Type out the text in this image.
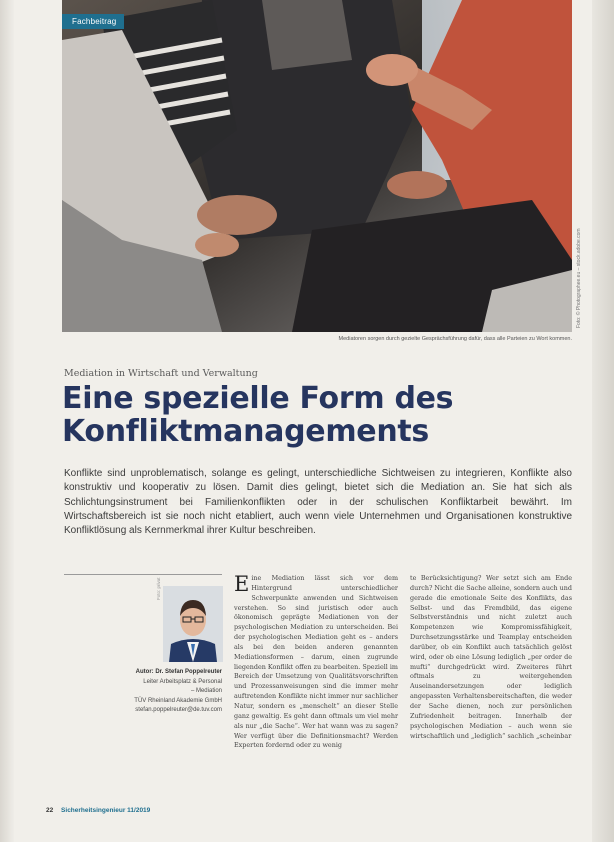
Fachbeitrag
Foto: © Photographee.eu – stock.adobe.com
Mediatoren sorgen durch gezielte Gesprächsführung dafür, dass alle Parteien zu Wort kommen.
Mediation in Wirtschaft und Verwaltung
Eine spezielle Form des
Konfliktmanagements
Konflikte sind unproblematisch, solange es gelingt, unterschiedliche Sichtweisen zu integrieren, Konflikte also konstruktiv und kooperativ zu lösen. Damit dies gelingt, bietet sich die Mediation an. Sie hat sich als Schlichtungsinstrument bei Familienkonflikten oder in der schulischen Konfliktarbeit bewährt. Im Wirtschaftsbereich ist sie noch nicht etabliert, auch wenn viele Unternehmen und Organisationen konstruktive Konfliktlösung als Kernmerkmal ihrer Kultur beschreiben.
Foto: privat
Autor: Dr. Stefan Poppelreuter
Leiter Arbeitsplatz & Personal
– Mediation
TÜV Rheinland Akademie GmbH
stefan.poppelreuter@de.tuv.com

Eine Mediation lässt sich vor dem Hintergrund unterschiedlicher Schwerpunkte anwenden und Sichtweisen verstehen. So sind juristisch oder auch ökonomisch geprägte Mediationen von der psychologischen Mediation zu unterscheiden. Bei der psychologischen Mediation geht es – anders als bei den beiden anderen genannten Mediationsformen – darum, einen zugrunde liegenden Konflikt offen zu bearbeiten. Speziell im Bereich der Umsetzung von Qualitätsvorschriften und Prozessanweisungen sind die immer mehr auftretenden Konflikte nicht immer nur sachlicher Natur, sondern es „menschelt“ an dieser Stelle ganz gewaltig. Es geht dann oftmals um viel mehr als nur „die Sache“. Wer hat wann was zu sagen? Wer verfügt über die Definitionsmacht? Werden Experten fordernd oder zu wenig

te Berücksichtigung? Wer setzt sich am Ende durch? Nicht die Sache alleine, sondern auch und gerade die emotionale Seite des Konflikts, das Selbst- und das Fremdbild, das eigene Selbstverständnis und nicht zuletzt auch Kompetenzen wie Kompromissfähigkeit, Durchsetzungsstärke und Teamplay entscheiden darüber, ob ein Konflikt auch tatsächlich gelöst wird, oder ob eine Lösung lediglich „per order de mufti“ durchgedrückt wird. Zweiteres führt oftmals zu weitergehenden Auseinandersetzungen oder lediglich angepassten Verhaltensbereitschaften, die weder der Sache dienen, noch zur persönlichen Zufriedenheit beitragen. Innerhalb der psychologischen Mediation – auch wenn sie wirtschaftlich und „lediglich“ sachlich „scheinbar

22 Sicherheitsingenieur 11/2019
